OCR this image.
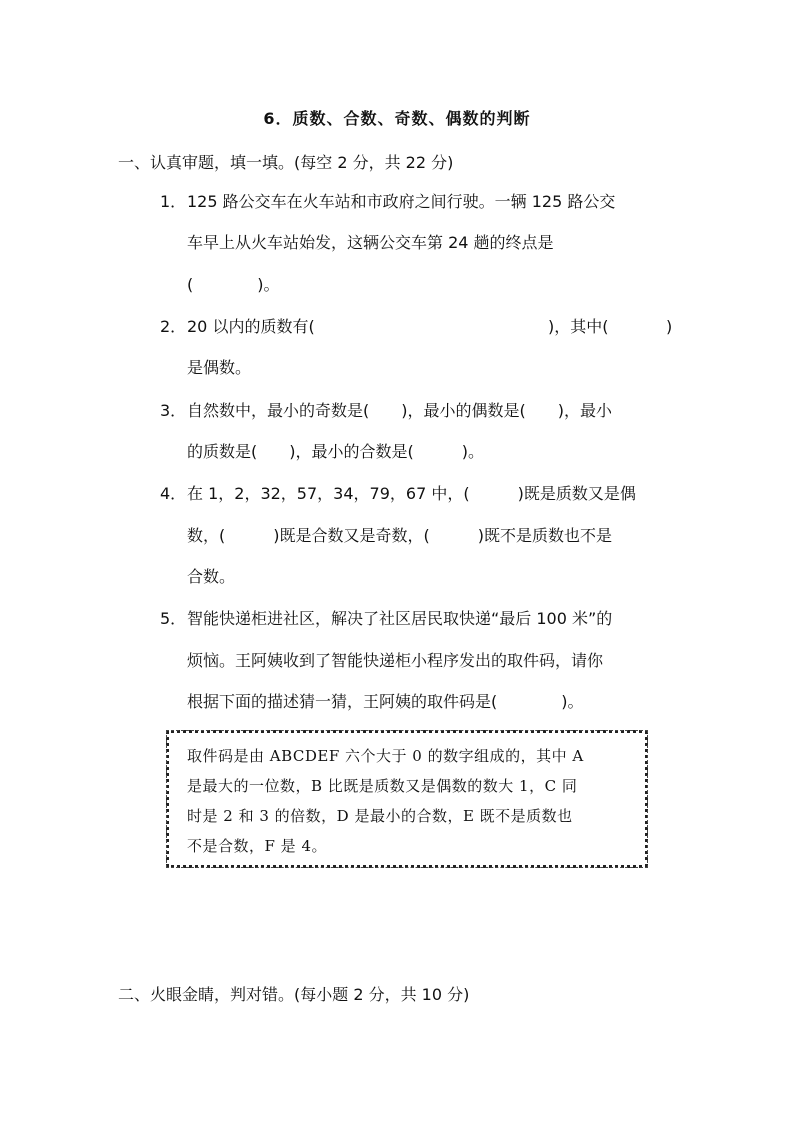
6．质数、合数、奇数、偶数的判断
一、认真审题，填一填。(每空 2 分，共 22 分)
1． 125 路公交车在火车站和市政府之间行驶。一辆 125 路公交
车早上从火车站始发，这辆公交车第 24 趟的终点是
(　　　　)。
2． 20 以内的质数有(	)，其中(	)
是偶数。
3． 自然数中，最小的奇数是(　　)，最小的偶数是(　　)，最小
的质数是(　　)，最小的合数是(　　　)。
4． 在 1，2，32，57，34，79，67 中，(　　　)既是质数又是偶
数，(　　　)既是合数又是奇数，(　　　)既不是质数也不是
合数。
5． 智能快递柜进社区，解决了社区居民取快递“最后 100 米”的
烦恼。王阿姨收到了智能快递柜小程序发出的取件码，请你
根据下面的描述猜一猜，王阿姨的取件码是(　　　　)。
取件码是由 ABCDEF 六个大于 0 的数字组成的，其中 A
是最大的一位数，B 比既是质数又是偶数的数大 1，C 同
时是 2 和 3 的倍数，D 是最小的合数，E 既不是质数也
不是合数，F 是 4。
二、火眼金睛，判对错。(每小题 2 分，共 10 分)
